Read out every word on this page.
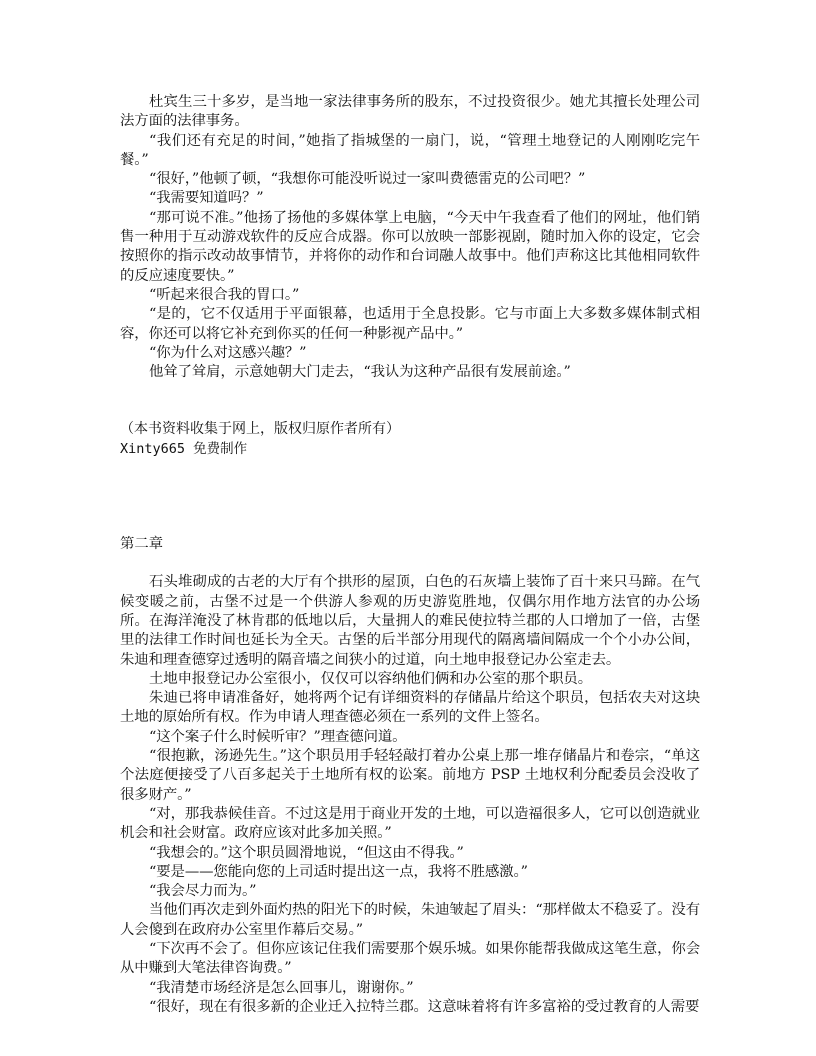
杜宾生三十多岁，是当地一家法律事务所的股东，不过投资很少。她尤其擅长处理公司法方面的法律事务。

“我们还有充足的时间，”她指了指城堡的一扇门，说，“管理土地登记的人刚刚吃完午餐。”

“很好，”他顿了顿，“我想你可能没听说过一家叫费德雷克的公司吧？”

“我需要知道吗？”

“那可说不准。”他扬了扬他的多媒体掌上电脑，“今天中午我查看了他们的网址，他们销售一种用于互动游戏软件的反应合成器。你可以放映一部影视剧，随时加入你的设定，它会按照你的指示改动故事情节，并将你的动作和台词融人故事中。他们声称这比其他相同软件的反应速度要快。”

“听起来很合我的胃口。”

“是的，它不仅适用于平面银幕，也适用于全息投影。它与市面上大多数多媒体制式相容，你还可以将它补充到你买的任何一种影视产品中。”

“你为什么对这感兴趣？”

他耸了耸肩，示意她朝大门走去，“我认为这种产品很有发展前途。”

（本书资料收集于网上，版权归原作者所有）

Xinty665 免费制作

第二章

石头堆砌成的古老的大厅有个拱形的屋顶，白色的石灰墙上装饰了百十来只马蹄。在气候变暖之前，古堡不过是一个供游人参观的历史游览胜地，仅偶尔用作地方法官的办公场所。在海洋淹没了林肯郡的低地以后，大量拥人的难民使拉特兰郡的人口增加了一倍，古堡里的法律工作时间也延长为全天。古堡的后半部分用现代的隔离墙间隔成一个个小办公间，朱迪和理查德穿过透明的隔音墙之间狭小的过道，向土地申报登记办公室走去。

土地申报登记办公室很小，仅仅可以容纳他们俩和办公室的那个职员。

朱迪已将申请准备好，她将两个记有详细资料的存储晶片给这个职员，包括农夫对这块土地的原始所有权。作为申请人理查德必须在一系列的文件上签名。

“这个案子什么时候听审？”理查德问道。

“很抱歉，汤逊先生。”这个职员用手轻轻敲打着办公桌上那一堆存储晶片和卷宗，“单这个法庭便接受了八百多起关于土地所有权的讼案。前地方 PSP 土地权利分配委员会没收了很多财产。”

“对，那我恭候佳音。不过这是用于商业开发的土地，可以造福很多人，它可以创造就业机会和社会财富。政府应该对此多加关照。”

“我想会的。”这个职员圆滑地说，“但这由不得我。”

“要是——您能向您的上司适时提出这一点，我将不胜感激。”

“我会尽力而为。”

当他们再次走到外面灼热的阳光下的时候，朱迪皱起了眉头：“那样做太不稳妥了。没有人会傻到在政府办公室里作幕后交易。”

“下次再不会了。但你应该记住我们需要那个娱乐城。如果你能帮我做成这笔生意，你会从中赚到大笔法律咨询费。”

“我清楚市场经济是怎么回事儿，谢谢你。”

“很好，现在有很多新的企业迁入拉特兰郡。这意味着将有许多富裕的受过教育的人需要
